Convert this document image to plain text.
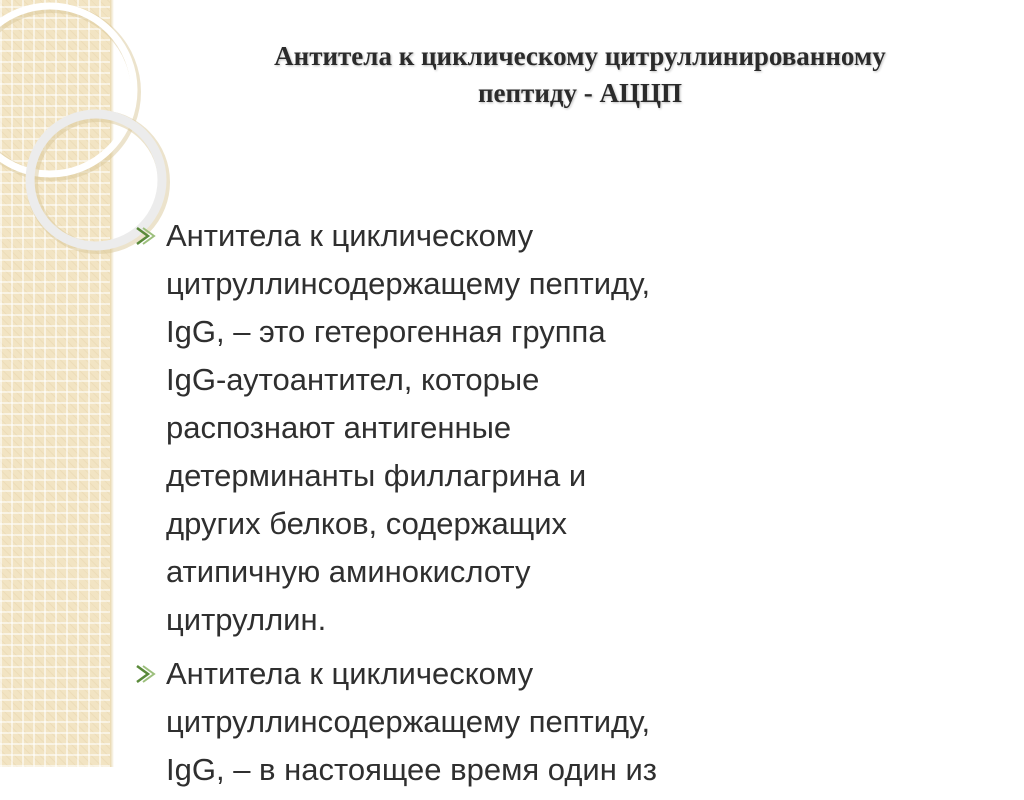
Антитела к циклическому цитруллинированному
пептиду - АЦЦП
Антитела к циклическому
цитруллинсодержащему пептиду,
IgG, – это гетерогенная группа
IgG-аутоантител, которые
распознают антигенные
детерминанты филлагрина и
других белков, содержащих
атипичную аминокислоту
цитруллин.
Антитела к циклическому
цитруллинсодержащему пептиду,
IgG, – в настоящее время один из
